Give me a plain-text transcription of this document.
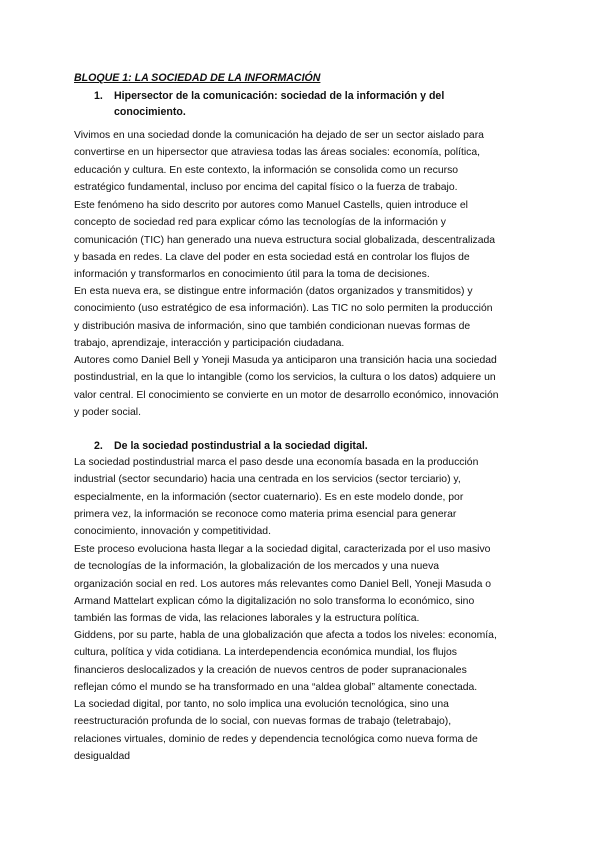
BLOQUE 1: LA SOCIEDAD DE LA INFORMACIÓN
1. Hipersector de la comunicación: sociedad de la información y del
conocimiento.
Vivimos en una sociedad donde la comunicación ha dejado de ser un sector aislado para
convertirse en un hipersector que atraviesa todas las áreas sociales: economía, política,
educación y cultura. En este contexto, la información se consolida como un recurso
estratégico fundamental, incluso por encima del capital físico o la fuerza de trabajo.
Este fenómeno ha sido descrito por autores como Manuel Castells, quien introduce el
concepto de sociedad red para explicar cómo las tecnologías de la información y
comunicación (TIC) han generado una nueva estructura social globalizada, descentralizada
y basada en redes. La clave del poder en esta sociedad está en controlar los flujos de
información y transformarlos en conocimiento útil para la toma de decisiones.
En esta nueva era, se distingue entre información (datos organizados y transmitidos) y
conocimiento (uso estratégico de esa información). Las TIC no solo permiten la producción
y distribución masiva de información, sino que también condicionan nuevas formas de
trabajo, aprendizaje, interacción y participación ciudadana.
Autores como Daniel Bell y Yoneji Masuda ya anticiparon una transición hacia una sociedad
postindustrial, en la que lo intangible (como los servicios, la cultura o los datos) adquiere un
valor central. El conocimiento se convierte en un motor de desarrollo económico, innovación
y poder social.
2. De la sociedad postindustrial a la sociedad digital.
La sociedad postindustrial marca el paso desde una economía basada en la producción
industrial (sector secundario) hacia una centrada en los servicios (sector terciario) y,
especialmente, en la información (sector cuaternario). Es en este modelo donde, por
primera vez, la información se reconoce como materia prima esencial para generar
conocimiento, innovación y competitividad.
Este proceso evoluciona hasta llegar a la sociedad digital, caracterizada por el uso masivo
de tecnologías de la información, la globalización de los mercados y una nueva
organización social en red. Los autores más relevantes como Daniel Bell, Yoneji Masuda o
Armand Mattelart explican cómo la digitalización no solo transforma lo económico, sino
también las formas de vida, las relaciones laborales y la estructura política.
Giddens, por su parte, habla de una globalización que afecta a todos los niveles: economía,
cultura, política y vida cotidiana. La interdependencia económica mundial, los flujos
financieros deslocalizados y la creación de nuevos centros de poder supranacionales
reflejan cómo el mundo se ha transformado en una “aldea global” altamente conectada.
La sociedad digital, por tanto, no solo implica una evolución tecnológica, sino una
reestructuración profunda de lo social, con nuevas formas de trabajo (teletrabajo),
relaciones virtuales, dominio de redes y dependencia tecnológica como nueva forma de
desigualdad
